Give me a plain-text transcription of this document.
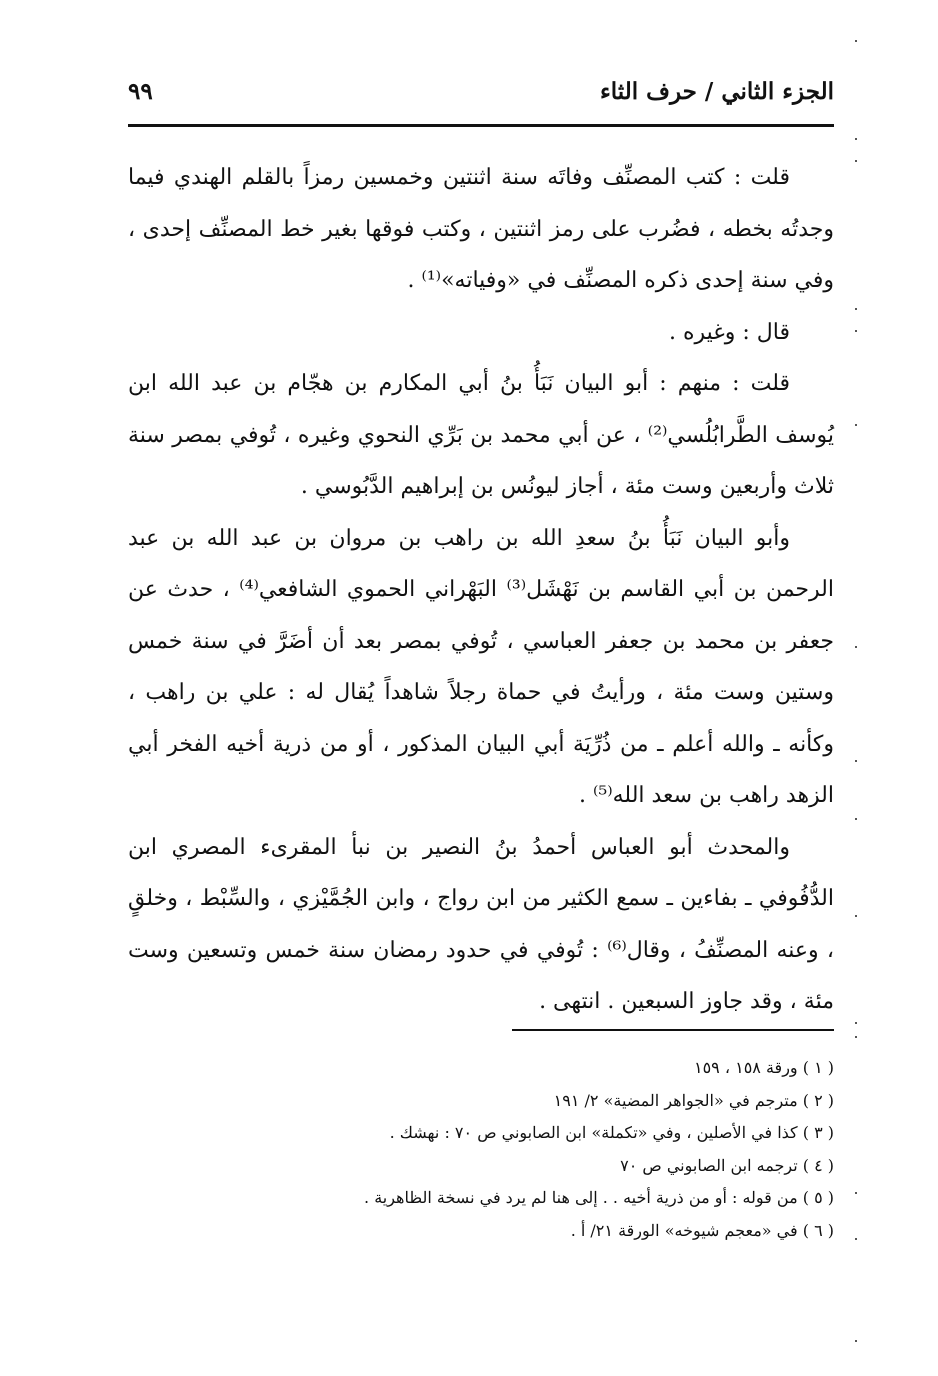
الجزء الثاني / حرف الثاء
٩٩

قلت : كتب المصنِّف وفاتَه سنة اثنتين وخمسين رمزاً بالقلم الهندي فيما وجدتُه بخطه ، فضُرب على رمز اثنتين ، وكتب فوقها بغير خط المصنِّف إحدى ، وفي سنة إحدى ذكره المصنِّف في «وفياته»⁽¹⁾ .

قال : وغيره .

قلت : منهم : أبو البيان نَبَأُ بنُ أبي المكارم بن هجّام بن عبد الله ابن يُوسف الطَّرابُلُسي⁽²⁾ ، عن أبي محمد بن بَرِّي النحوي وغيره ، تُوفي بمصر سنة ثلاث وأربعين وست مئة ، أجاز ليونُس بن إبراهيم الدَّبُوسي .

وأبو البيان نَبَأُ بنُ سعدِ الله بن راهب بن مروان بن عبد الله بن عبد الرحمن بن أبي القاسم بن نَهْشَل⁽³⁾ البَهْراني الحموي الشافعي⁽⁴⁾ ، حدث عن جعفر بن محمد بن جعفر العباسي ، تُوفي بمصر بعد أن أضَرَّ في سنة خمس وستين وست مئة ، ورأيتُ في حماة رجلاً شاهداً يُقال له : علي بن راهب ، وكأنه ـ والله أعلم ـ من ذُرِّيَة أبي البيان المذكور ، أو من ذرية أخيه الفخر أبي الزهد راهب بن سعد الله⁽⁵⁾ .

والمحدث أبو العباس أحمدُ بنُ النصير بن نبأ المقرىء المصري ابن الدُّفُوفي ـ بفاءين ـ سمع الكثير من ابن رواج ، وابن الجُمَّيْزي ، والسِّبْط ، وخلقٍ ، وعنه المصنِّفُ ، وقال⁽⁶⁾ : تُوفي في حدود رمضان سنة خمس وتسعين وست مئة ، وقد جاوز السبعين . انتهى .

( ١ ) ورقة ١٥٨ ، ١٥٩
( ٢ ) مترجم في «الجواهر المضية» ٢/ ١٩١
( ٣ ) كذا في الأصلين ، وفي «تكملة» ابن الصابوني ص ٧٠ : نهشك .
( ٤ ) ترجمه ابن الصابوني ص ٧٠
( ٥ ) من قوله : أو من ذرية أخيه . . إلى هنا لم يرد في نسخة الظاهرية .
( ٦ ) في «معجم شيوخه» الورقة ٢١/ أ .
